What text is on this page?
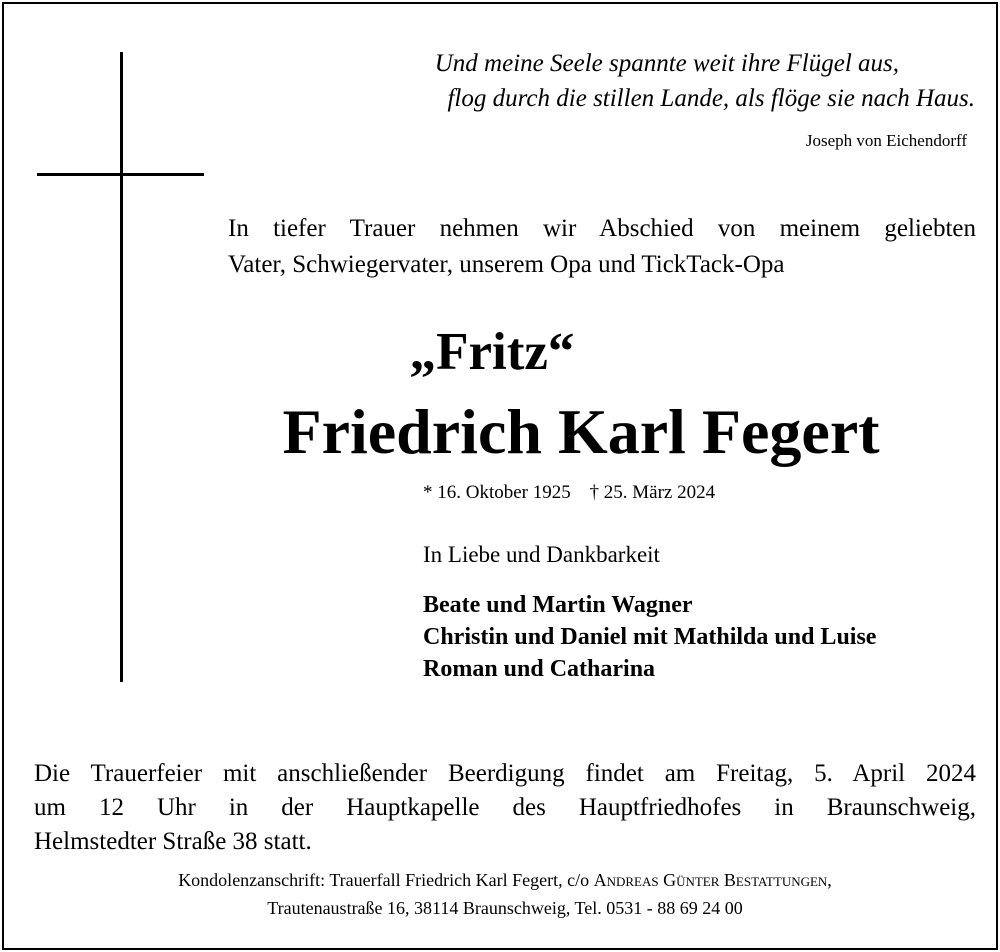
Und meine Seele spannte weit ihre Flügel aus,
flog durch die stillen Lande, als flöge sie nach Haus.
Joseph von Eichendorff
In tiefer Trauer nehmen wir Abschied von meinem geliebten
Vater, Schwiegervater, unserem Opa und TickTack-Opa
„Fritz“
Friedrich Karl Fegert
* 16. Oktober 1925 † 25. März 2024
In Liebe und Dankbarkeit
Beate und Martin Wagner
Christin und Daniel mit Mathilda und Luise
Roman und Catharina
Die Trauerfeier mit anschließender Beerdigung findet am Freitag, 5. April 2024
um 12 Uhr in der Hauptkapelle des Hauptfriedhofes in Braunschweig,
Helmstedter Straße 38 statt.
Kondolenzanschrift: Trauerfall Friedrich Karl Fegert, c/o Andreas Günter Bestattungen,
Trautenaustraße 16, 38114 Braunschweig, Tel. 0531 - 88 69 24 00
